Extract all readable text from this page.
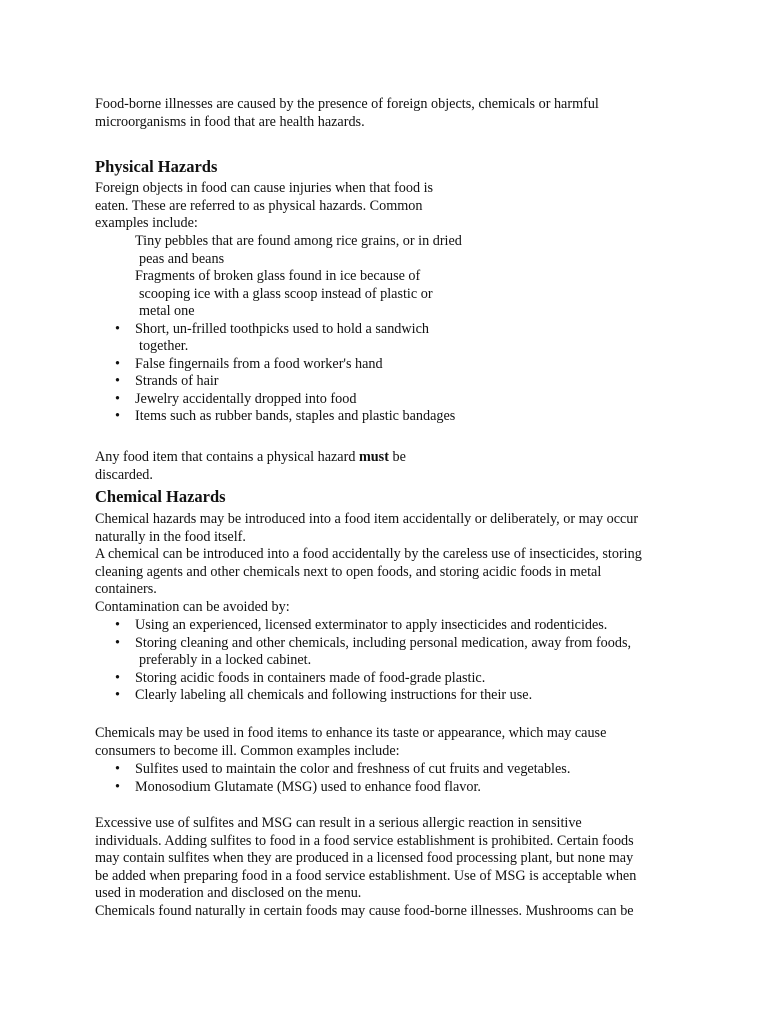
Food-borne illnesses are caused by the presence of foreign objects, chemicals or harmful
microorganisms in food that are health hazards.

Physical Hazards

Foreign objects in food can cause injuries when that food is
eaten. These are referred to as physical hazards. Common
examples include:

Tiny pebbles that are found among rice grains, or in dried
peas and beans
Fragments of broken glass found in ice because of
scooping ice with a glass scoop instead of plastic or
metal one
• Short, un-frilled toothpicks used to hold a sandwich
together.
• False fingernails from a food worker's hand
• Strands of hair
• Jewelry accidentally dropped into food
• Items such as rubber bands, staples and plastic bandages

Any food item that contains a physical hazard must be
discarded.

Chemical Hazards

Chemical hazards may be introduced into a food item accidentally or deliberately, or may occur
naturally in the food itself.
A chemical can be introduced into a food accidentally by the careless use of insecticides, storing
cleaning agents and other chemicals next to open foods, and storing acidic foods in metal
containers.
Contamination can be avoided by:

• Using an experienced, licensed exterminator to apply insecticides and rodenticides.
• Storing cleaning and other chemicals, including personal medication, away from foods,
preferably in a locked cabinet.
• Storing acidic foods in containers made of food-grade plastic.
• Clearly labeling all chemicals and following instructions for their use.

Chemicals may be used in food items to enhance its taste or appearance, which may cause
consumers to become ill. Common examples include:

• Sulfites used to maintain the color and freshness of cut fruits and vegetables.
• Monosodium Glutamate (MSG) used to enhance food flavor.

Excessive use of sulfites and MSG can result in a serious allergic reaction in sensitive
individuals. Adding sulfites to food in a food service establishment is prohibited. Certain foods
may contain sulfites when they are produced in a licensed food processing plant, but none may
be added when preparing food in a food service establishment. Use of MSG is acceptable when
used in moderation and disclosed on the menu.
Chemicals found naturally in certain foods may cause food-borne illnesses. Mushrooms can be
